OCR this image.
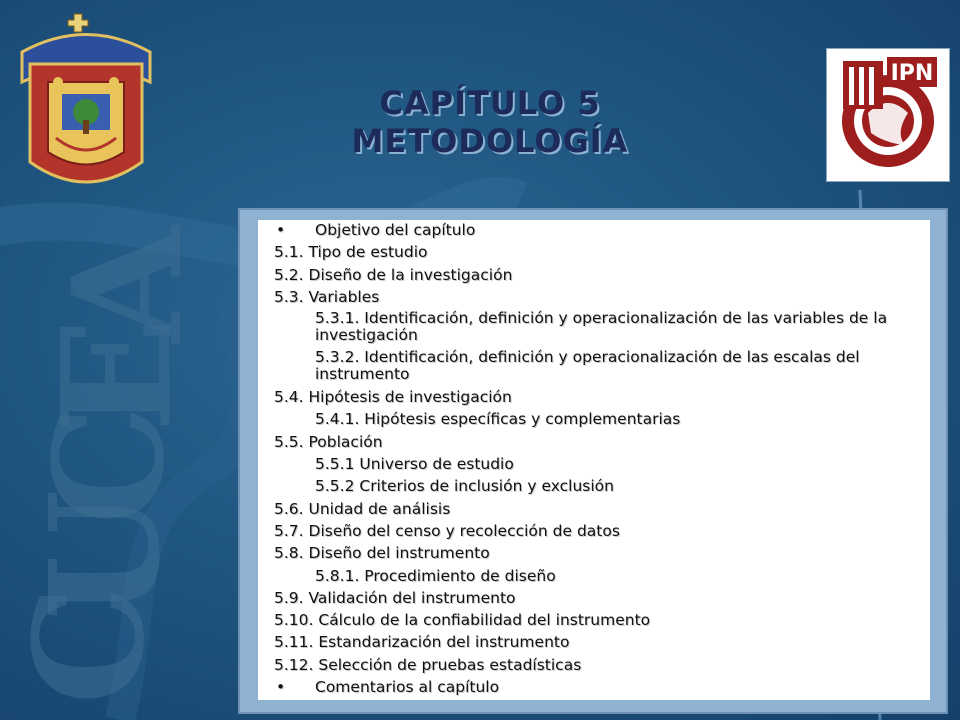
C
U
C
E
A
IPN
CAPÍTULO 5
METODOLOGÍA
• Objetivo del capítulo
5.1. Tipo de estudio
5.2. Diseño de la investigación
5.3. Variables
5.3.1. Identificación, definición y operacionalización de las variables de la investigación
5.3.2. Identificación, definición y operacionalización de las escalas del instrumento
5.4. Hipótesis de investigación
5.4.1. Hipótesis específicas y complementarias
5.5. Población
5.5.1 Universo de estudio
5.5.2 Criterios de inclusión y exclusión
5.6. Unidad de análisis
5.7. Diseño del censo y recolección de datos
5.8. Diseño del instrumento
5.8.1. Procedimiento de diseño
5.9. Validación del instrumento
5.10. Cálculo de la confiabilidad del instrumento
5.11. Estandarización del instrumento
5.12. Selección de pruebas estadísticas
• Comentarios al capítulo
